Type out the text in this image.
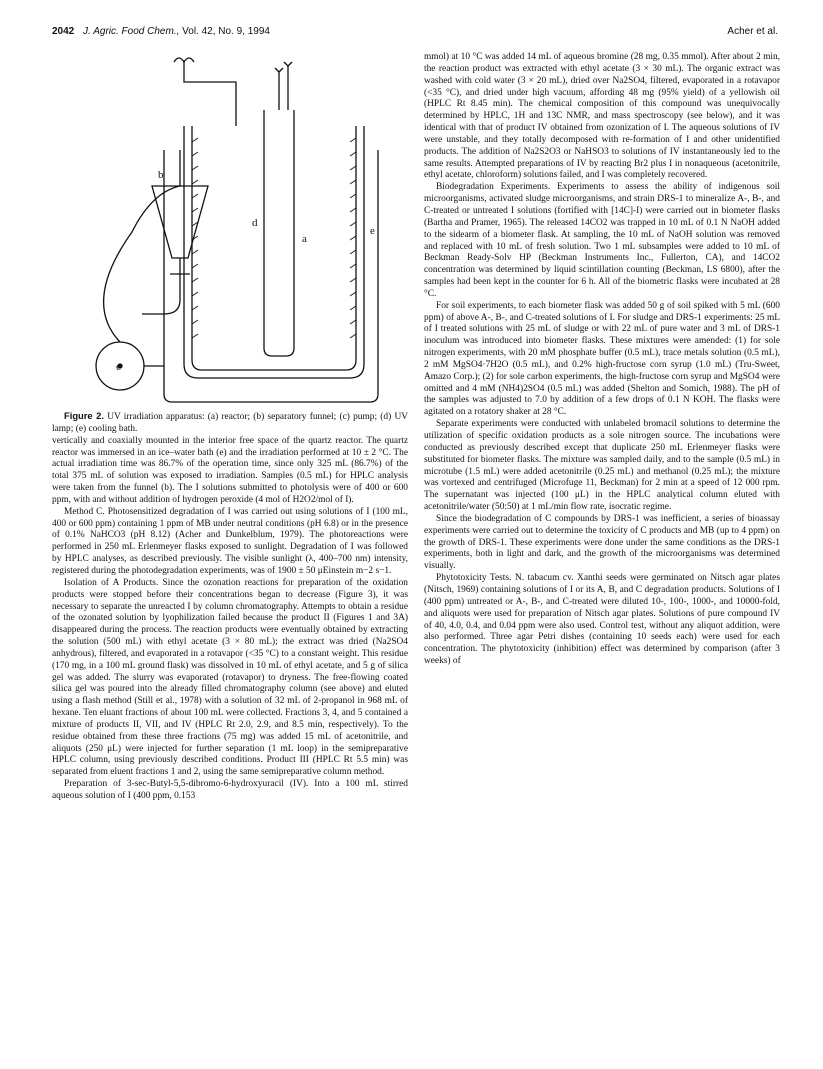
2042 J. Agric. Food Chem., Vol. 42, No. 9, 1994	Acher et al.
a
b
c
d
e

Figure 2. UV irradiation apparatus: (a) reactor; (b) separatory funnel; (c) pump; (d) UV lamp; (e) cooling bath.

vertically and coaxially mounted in the interior free space of the quartz reactor. The quartz reactor was immersed in an ice–water bath (e) and the irradiation performed at 10 ± 2 °C. The actual irradiation time was 86.7% of the operation time, since only 325 mL (86.7%) of the total 375 mL of solution was exposed to irradiation. Samples (0.5 mL) for HPLC analysis were taken from the funnel (b). The I solutions submitted to photolysis were of 400 or 600 ppm, with and without addition of hydrogen peroxide (4 mol of H2O2/mol of I).

Method C. Photosensitized degradation of I was carried out using solutions of I (100 mL, 400 or 600 ppm) containing 1 ppm of MB under neutral conditions (pH 6.8) or in the presence of 0.1% NaHCO3 (pH 8.12) (Acher and Dunkelblum, 1979). The photoreactions were performed in 250 mL Erlenmeyer flasks exposed to sunlight. Degradation of I was followed by HPLC analyses, as described previously. The visible sunlight (λ, 400–700 nm) intensity, registered during the photodegradation experiments, was of 1900 ± 50 μEinstein m−2 s−1.

Isolation of A Products. Since the ozonation reactions for preparation of the oxidation products were stopped before their concentrations began to decrease (Figure 3), it was necessary to separate the unreacted I by column chromatography. Attempts to obtain a residue of the ozonated solution by lyophilization failed because the product II (Figures 1 and 3A) disappeared during the process. The reaction products were eventually obtained by extracting the solution (500 mL) with ethyl acetate (3 × 80 mL); the extract was dried (Na2SO4 anhydrous), filtered, and evaporated in a rotavapor (<35 °C) to a constant weight. This residue (170 mg, in a 100 mL ground flask) was dissolved in 10 mL of ethyl acetate, and 5 g of silica gel was added. The slurry was evaporated (rotavapor) to dryness. The free-flowing coated silica gel was poured into the already filled chromatography column (see above) and eluted using a flash method (Still et al., 1978) with a solution of 32 mL of 2-propanol in 968 mL of hexane. Ten eluant fractions of about 100 mL were collected. Fractions 3, 4, and 5 contained a mixture of products II, VII, and IV (HPLC Rt 2.0, 2.9, and 8.5 min, respectively). To the residue obtained from these three fractions (75 mg) was added 15 mL of acetonitrile, and aliquots (250 μL) were injected for further separation (1 mL loop) in the semipreparative HPLC column, using previously described conditions. Product III (HPLC Rt 5.5 min) was separated from eluent fractions 1 and 2, using the same semipreparative column method.

Preparation of 3-sec-Butyl-5,5-dibromo-6-hydroxyuracil (IV). Into a 100 mL stirred aqueous solution of I (400 ppm, 0.153

mmol) at 10 °C was added 14 mL of aqueous bromine (28 mg, 0.35 mmol). After about 2 min, the reaction product was extracted with ethyl acetate (3 × 30 mL). The organic extract was washed with cold water (3 × 20 mL), dried over Na2SO4, filtered, evaporated in a rotavapor (<35 °C), and dried under high vacuum, affording 48 mg (95% yield) of a yellowish oil (HPLC Rt 8.45 min). The chemical composition of this compound was unequivocally determined by HPLC, 1H and 13C NMR, and mass spectroscopy (see below), and it was identical with that of product IV obtained from ozonization of I. The aqueous solutions of IV were unstable, and they totally decomposed with re-formation of I and other unidentified products. The addition of Na2S2O3 or NaHSO3 to solutions of IV instantaneously led to the same results. Attempted preparations of IV by reacting Br2 plus I in nonaqueous (acetonitrile, ethyl acetate, chloroform) solutions failed, and I was completely recovered.

Biodegradation Experiments. Experiments to assess the ability of indigenous soil microorganisms, activated sludge microorganisms, and strain DRS-1 to mineralize A-, B-, and C-treated or untreated I solutions (fortified with [14C]-I) were carried out in biometer flasks (Bartha and Pramer, 1965). The released 14CO2 was trapped in 10 mL of 0.1 N NaOH added to the sidearm of a biometer flask. At sampling, the 10 mL of NaOH solution was removed and replaced with 10 mL of fresh solution. Two 1 mL subsamples were added to 10 mL of Beckman Ready-Solv HP (Beckman Instruments Inc., Fullerton, CA), and 14CO2 concentration was determined by liquid scintillation counting (Beckman, LS 6800), after the samples had been kept in the counter for 6 h. All of the biometric flasks were incubated at 28 °C.

For soil experiments, to each biometer flask was added 50 g of soil spiked with 5 mL (600 ppm) of above A-, B-, and C-treated solutions of I. For sludge and DRS-1 experiments: 25 mL of I treated solutions with 25 mL of sludge or with 22 mL of pure water and 3 mL of DRS-1 inoculum was introduced into biometer flasks. These mixtures were amended: (1) for sole nitrogen experiments, with 20 mM phosphate buffer (0.5 mL), trace metals solution (0.5 mL), 2 mM MgSO4·7H2O (0.5 mL), and 0.2% high-fructose corn syrup (1.0 mL) (Tru-Sweet, Amazo Corp.); (2) for sole carbon experiments, the high-fructose corn syrup and MgSO4 were omitted and 4 mM (NH4)2SO4 (0.5 mL) was added (Shelton and Somich, 1988). The pH of the samples was adjusted to 7.0 by addition of a few drops of 0.1 N KOH. The flasks were agitated on a rotatory shaker at 28 °C.

Separate experiments were conducted with unlabeled bromacil solutions to determine the utilization of specific oxidation products as a sole nitrogen source. The incubations were conducted as previously described except that duplicate 250 mL Erlenmeyer flasks were substituted for biometer flasks. The mixture was sampled daily, and to the sample (0.5 mL) in microtube (1.5 mL) were added acetonitrile (0.25 mL) and methanol (0.25 mL); the mixture was vortexed and centrifuged (Microfuge 11, Beckman) for 2 min at a speed of 12 000 rpm. The supernatant was injected (100 μL) in the HPLC analytical column eluted with acetonitrile/water (50:50) at 1 mL/min flow rate, isocratic regime.

Since the biodegradation of C compounds by DRS-1 was inefficient, a series of bioassay experiments were carried out to determine the toxicity of C products and MB (up to 4 ppm) on the growth of DRS-1. These experiments were done under the same conditions as the DRS-1 experiments, both in light and dark, and the growth of the microorganisms was determined visually.

Phytotoxicity Tests. N. tabacum cv. Xanthi seeds were germinated on Nitsch agar plates (Nitsch, 1969) containing solutions of I or its A, B, and C degradation products. Solutions of I (400 ppm) untreated or A-, B-, and C-treated were diluted 10-, 100-, 1000-, and 10000-fold, and aliquots were used for preparation of Nitsch agar plates. Solutions of pure compound IV of 40, 4.0, 0.4, and 0.04 ppm were also used. Control test, without any aliquot addition, were also performed. Three agar Petri dishes (containing 10 seeds each) were used for each concentration. The phytotoxicity (inhibition) effect was determined by comparison (after 3 weeks) of
